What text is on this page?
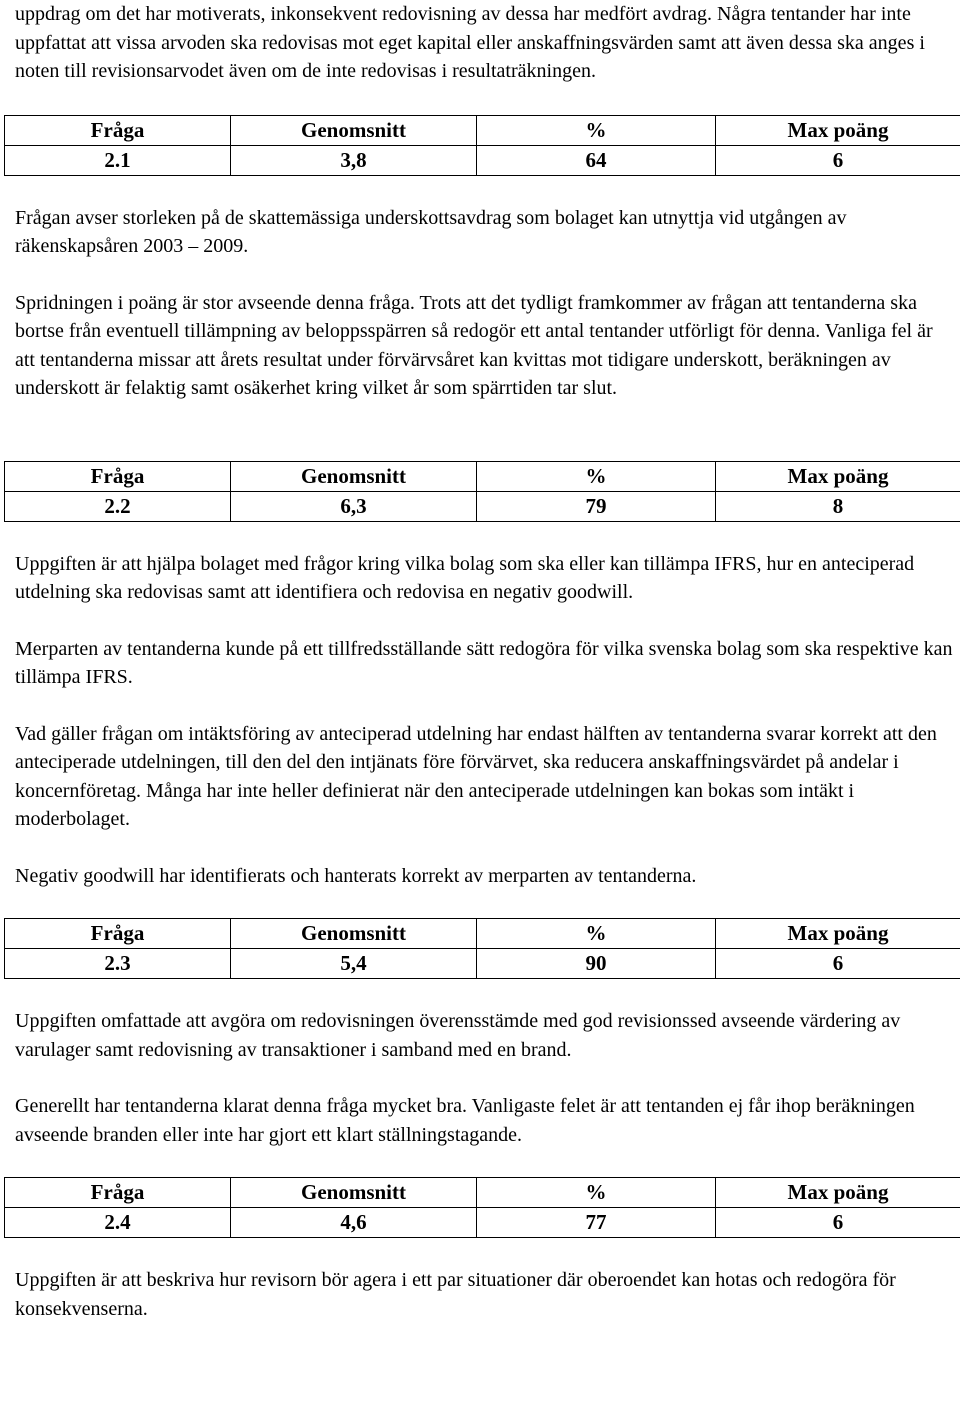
uppdrag om det har motiverats, inkonsekvent redovisning av dessa har medfört avdrag. Några tentander har inte uppfattat att vissa arvoden ska redovisas mot eget kapital eller anskaffningsvärden samt att även dessa ska anges i noten till revisionsarvodet även om de inte redovisas i resultaträkningen.

Fråga	Genomsnitt	%	Max poäng
2.1	3,8	64	6

Frågan avser storleken på de skattemässiga underskottsavdrag som bolaget kan utnyttja vid utgången av räkenskapsåren 2003 – 2009.

Spridningen i poäng är stor avseende denna fråga. Trots att det tydligt framkommer av frågan att tentanderna ska bortse från eventuell tillämpning av beloppsspärren så redogör ett antal tentander utförligt för denna. Vanliga fel är att tentanderna missar att årets resultat under förvärvsåret kan kvittas mot tidigare underskott, beräkningen av underskott är felaktig samt osäkerhet kring vilket år som spärrtiden tar slut.

Fråga	Genomsnitt	%	Max poäng
2.2	6,3	79	8

Uppgiften är att hjälpa bolaget med frågor kring vilka bolag som ska eller kan tillämpa IFRS, hur en anteciperad utdelning ska redovisas samt att identifiera och redovisa en negativ goodwill.

Merparten av tentanderna kunde på ett tillfredsställande sätt redogöra för vilka svenska bolag som ska respektive kan tillämpa IFRS.

Vad gäller frågan om intäktsföring av anteciperad utdelning har endast hälften av tentanderna svarar korrekt att den anteciperade utdelningen, till den del den intjänats före förvärvet, ska reducera anskaffningsvärdet på andelar i koncernföretag. Många har inte heller definierat när den anteciperade utdelningen kan bokas som intäkt i moderbolaget.

Negativ goodwill har identifierats och hanterats korrekt av merparten av tentanderna.

Fråga	Genomsnitt	%	Max poäng
2.3	5,4	90	6

Uppgiften omfattade att avgöra om redovisningen överensstämde med god revisionssed avseende värdering av varulager samt redovisning av transaktioner i samband med en brand.

Generellt har tentanderna klarat denna fråga mycket bra. Vanligaste felet är att tentanden ej får ihop beräkningen avseende branden eller inte har gjort ett klart ställningstagande.

Fråga	Genomsnitt	%	Max poäng
2.4	4,6	77	6

Uppgiften är att beskriva hur revisorn bör agera i ett par situationer där oberoendet kan hotas och redogöra för konsekvenserna.
